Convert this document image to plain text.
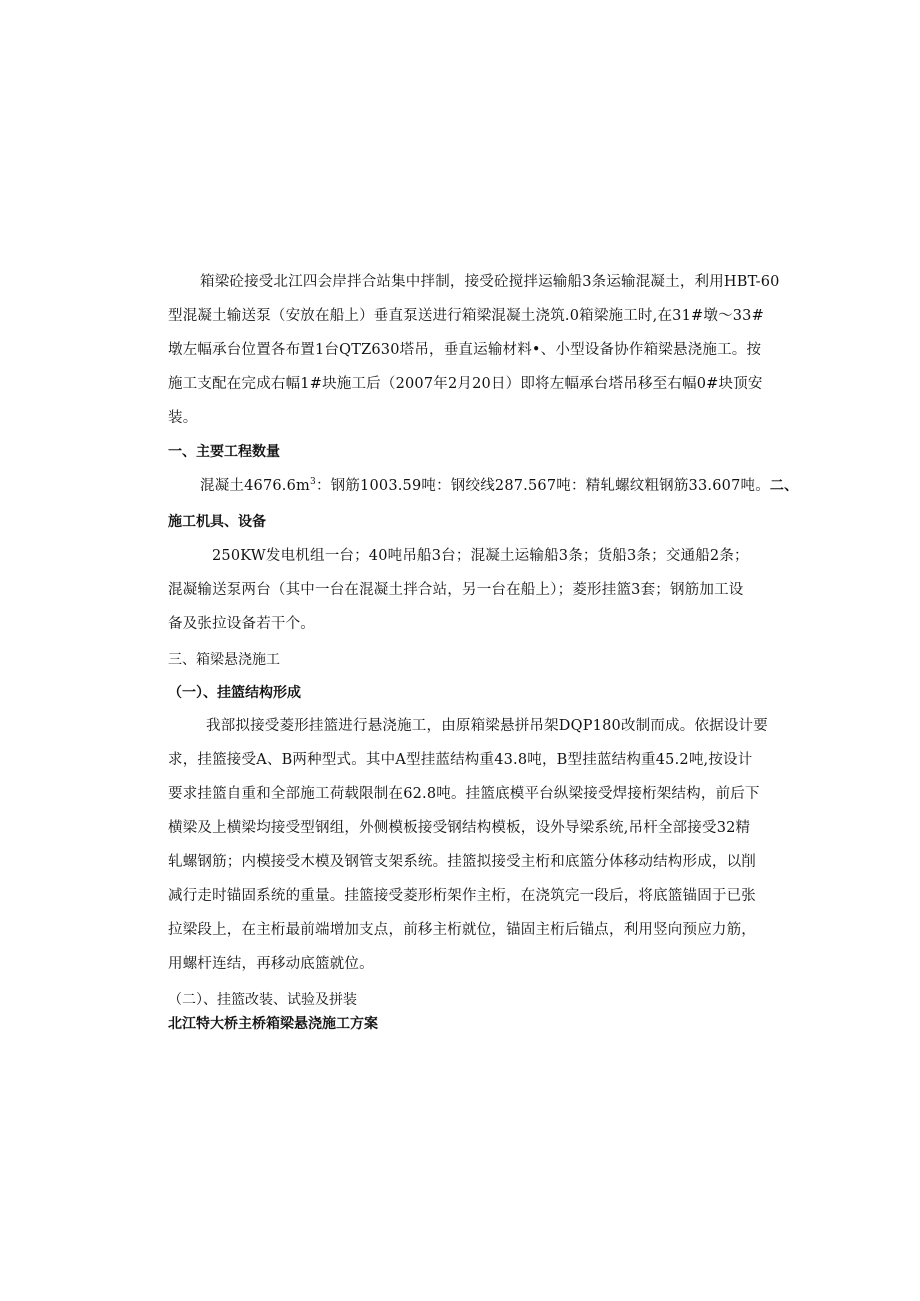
箱梁砼接受北江四会岸拌合站集中拌制，接受砼搅拌运输船3条运输混凝土，利用HBT-60
型混凝土输送泵（安放在船上）垂直泵送进行箱梁混凝土浇筑.0箱梁施工时,在31#墩～33#
墩左幅承台位置各布置1台QTZ630塔吊，垂直运输材料•、小型设备协作箱梁悬浇施工。按
施工支配在完成右幅1#块施工后（2007年2月20日）即将左幅承台塔吊移至右幅0#块顶安
装。
一、主要工程数量
混凝土$4676.6m^3$：钢筋1003.59吨：钢绞线287.567吨：精轧螺纹粗钢筋33.607吨。二、
施工机具、设备
250KW发电机组一台；40吨吊船3台；混凝土运输船3条；货船3条；交通船2条；
混凝输送泵两台（其中一台在混凝土拌合站，另一台在船上）；菱形挂篮3套；钢筋加工设
备及张拉设备若干个。
三、箱梁悬浇施工
（一）、挂篮结构形成
我部拟接受菱形挂篮进行悬浇施工，由原箱梁悬拼吊架DQP180改制而成。依据设计要
求，挂篮接受A、B两种型式。其中A型挂蓝结构重43.8吨，B型挂蓝结构重45.2吨,按设计
要求挂篮自重和全部施工荷载限制在62.8吨。挂篮底模平台纵梁接受焊接桁架结构，前后下
横梁及上横梁均接受型钢组，外侧模板接受钢结构模板，设外导梁系统,吊杆全部接受32精
轧螺钢筋；内模接受木模及钢管支架系统。挂篮拟接受主桁和底篮分体移动结构形成，以削
减行走时锚固系统的重量。挂篮接受菱形桁架作主桁，在浇筑完一段后，将底篮锚固于已张
拉梁段上，在主桁最前端增加支点，前移主桁就位，锚固主桁后锚点，利用竖向预应力筋，
用螺杆连结，再移动底篮就位。
（二）、挂篮改装、试验及拼装
北江特大桥主桥箱梁悬浇施工方案
